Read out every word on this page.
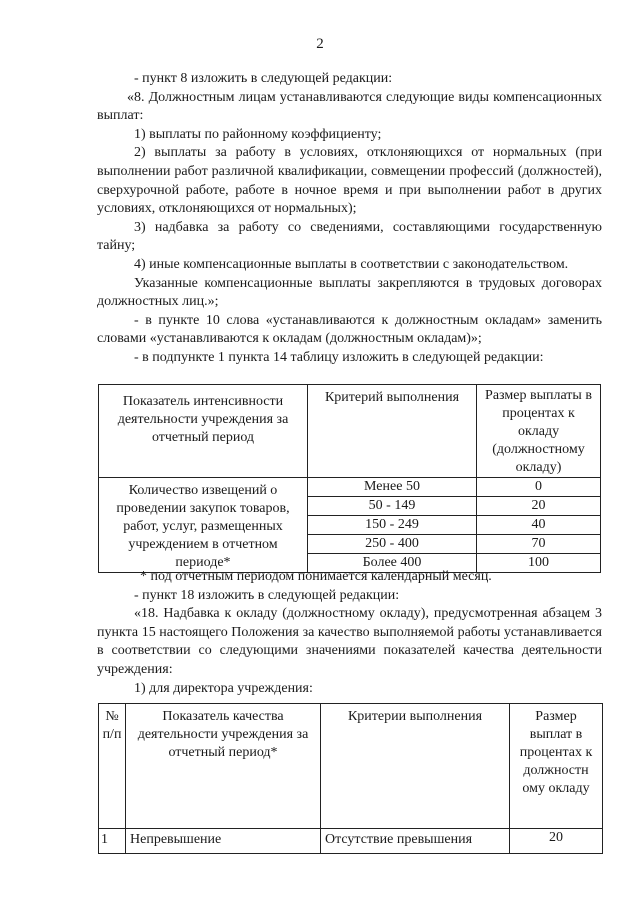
2

- пункт 8 изложить в следующей редакции:

«8. Должностным лицам устанавливаются следующие виды компенсационных выплат:

1) выплаты по районному коэффициенту;

2) выплаты за работу в условиях, отклоняющихся от нормальных (при выполнении работ различной квалификации, совмещении профессий (должностей), сверхурочной работе, работе в ночное время и при выполнении работ в других условиях, отклоняющихся от нормальных);

3) надбавка за работу со сведениями, составляющими государственную тайну;

4) иные компенсационные выплаты в соответствии с законодательством.

Указанные компенсационные выплаты закрепляются в трудовых договорах должностных лиц.»;

- в пункте 10 слова «устанавливаются к должностным окладам» заменить словами «устанавливаются к окладам (должностным окладам)»;

- в подпункте 1 пункта 14 таблицу изложить в следующей редакции:

Показатель интенсивности деятельности учреждения за отчетный период	Критерий выполнения	Размер выплаты в процентах к окладу (должностному окладу)
Количество извещений о проведении закупок товаров, работ, услуг, размещенных учреждением в отчетном периоде*	Менее 50	0
	50 - 149	20
	150 - 249	40
	250 - 400	70
	Более 400	100

* под отчетным периодом понимается календарный месяц.

- пункт 18 изложить в следующей редакции:

«18. Надбавка к окладу (должностному окладу), предусмотренная абзацем 3 пункта 15 настоящего Положения за качество выполняемой работы устанавливается в соответствии со следующими значениями показателей качества деятельности учреждения:

1) для директора учреждения:

№ п/п	Показатель качества деятельности учреждения за отчетный период*	Критерии выполнения	Размер выплат в процентах к должностн ому окладу
1	Непревышение	Отсутствие превышения	20
